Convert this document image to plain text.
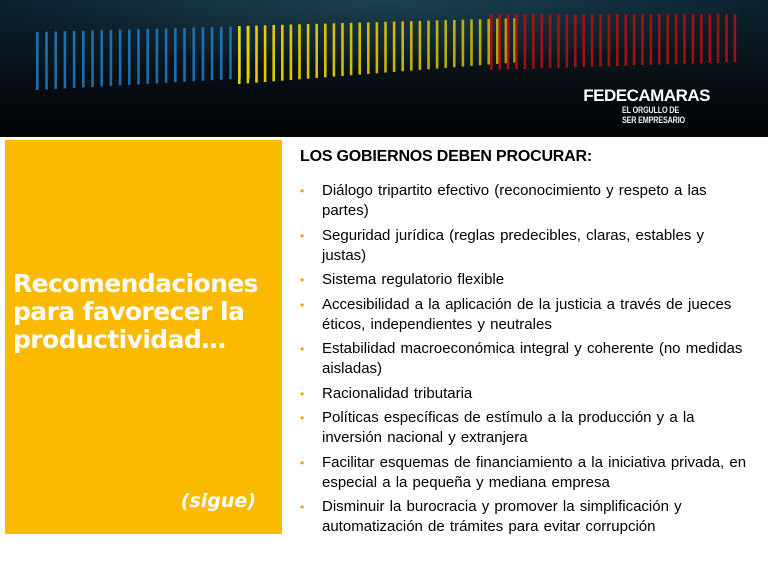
FEDECAMARAS
EL ORGULLO DE
SER EMPRESARIO
Recomendaciones para favorecer la productividad…
(sigue)
LOS GOBIERNOS DEBEN PROCURAR:
• Diálogo tripartito efectivo (reconocimiento y respeto a las partes)
• Seguridad jurídica (reglas predecibles, claras, estables y justas)
• Sistema regulatorio flexible
• Accesibilidad a la aplicación de la justicia a través de jueces éticos, independientes y neutrales
• Estabilidad macroeconómica integral y coherente (no medidas aisladas)
• Racionalidad tributaria
• Políticas específicas de estímulo a la producción y a la inversión nacional y extranjera
• Facilitar esquemas de financiamiento a la iniciativa privada, en especial a la pequeña y mediana empresa
• Disminuir la burocracia y promover la simplificación y automatización de trámites para evitar corrupción
